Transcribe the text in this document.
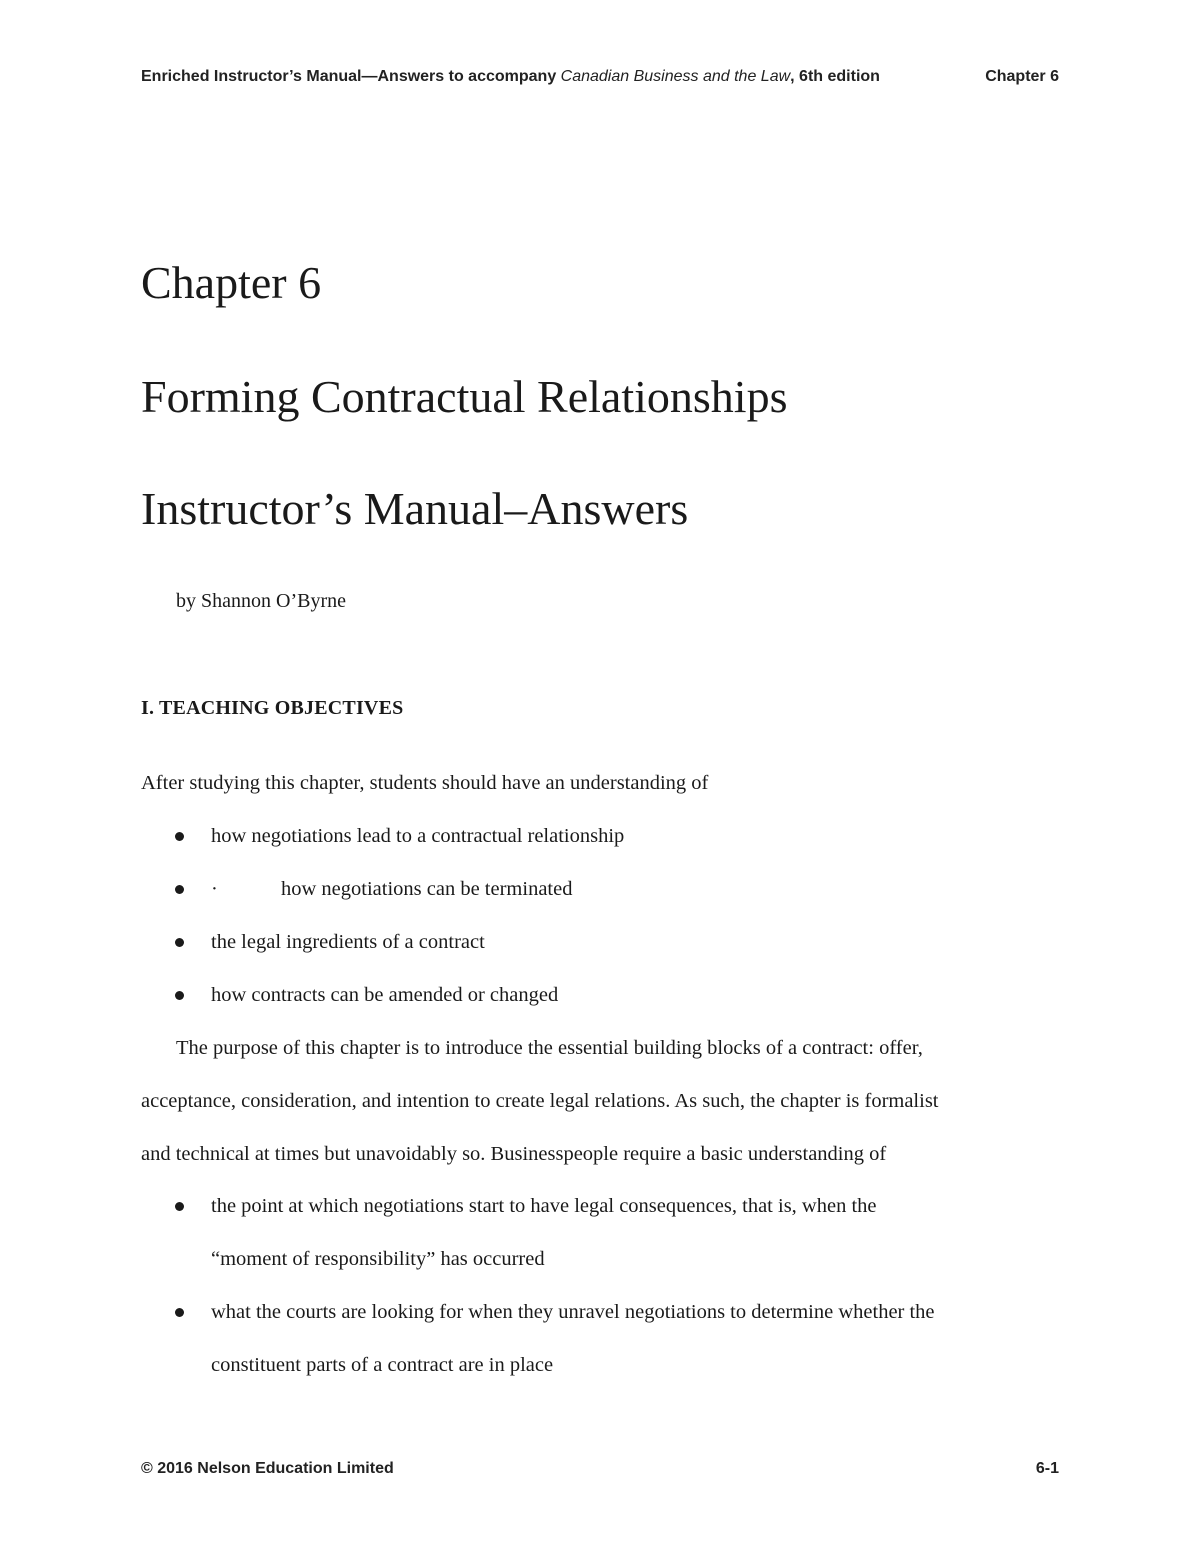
Enriched Instructor’s Manual—Answers to accompany Canadian Business and the Law, 6th edition	Chapter 6
Chapter 6
Forming Contractual Relationships
Instructor’s Manual–Answers
by Shannon O’Byrne
I. TEACHING OBJECTIVES
After studying this chapter, students should have an understanding of
how negotiations lead to a contractual relationship
·	how negotiations can be terminated
the legal ingredients of a contract
how contracts can be amended or changed
The purpose of this chapter is to introduce the essential building blocks of a contract: offer,
acceptance, consideration, and intention to create legal relations. As such, the chapter is formalist
and technical at times but unavoidably so. Businesspeople require a basic understanding of
the point at which negotiations start to have legal consequences, that is, when the
“moment of responsibility” has occurred
what the courts are looking for when they unravel negotiations to determine whether the
constituent parts of a contract are in place
© 2016 Nelson Education Limited	6-1
